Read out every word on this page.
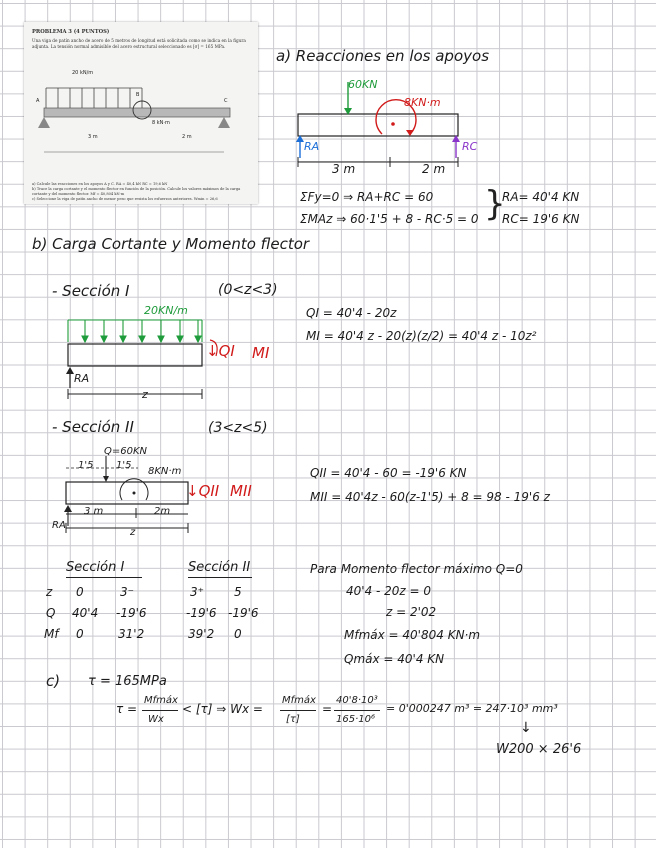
PROBLEMA 3 (4 PUNTOS)
Una viga de patín ancho de acero de 5 metros de longitud está solicitada como se indica en la figura adjunta. La tensión normal admisible del acero estructural seleccionado es [σ] = 165 MPa.
20 kN/m
A
B
C
8 kN·m
3 m	2 m
a) Calcule las reacciones en los apoyos A y C. RA = 40,4 kN RC = 19,6 kN
b) Trace la carga cortante y el momento flector en función de la posición. Calcule los valores máximos de la carga cortante y del momento flector. Mf = 40,804 kN·m
c) Seleccione la viga de patín ancho de menor peso que resista los esfuerzos anteriores. Wmin = 26,6
a) Reacciones en los apoyos
60KN
8KN·m
RA	RC
3 m	2 m
ΣFy=0 ⇒ RA+RC = 60
ΣMAz ⇒ 60·1'5 + 8 - RC·5 = 0 }
RA= 40'4 KN
RC= 19'6 KN
b) Carga Cortante y Momento flector
- Sección I	(0<z<3)
20KN/m
RA
z
↓QI MI
QI = 40'4 - 20z
MI = 40'4 z - 20(z)(z/2) = 40'4 z - 10z²
- Sección II	(3<z<5)
Q=60KN
1'5 1'5
8KN·m
3 m	2m
RA
z
↓QII MII
QII = 40'4 - 60 = -19'6 KN
MII = 40'4z - 60(z-1'5) + 8 = 98 - 19'6 z
Sección I	Sección II
z 0	3⁻	3⁺	5
Q 40'4 -19'6	-19'6 -19'6
Mf 0	31'2	39'2 0
Para Momento flector máximo Q=0
40'4 - 20z = 0
z = 2'02
Mfmáx = 40'804 KN·m
Qmáx = 40'4 KN
c) τ = 165MPa
τ =
Mfmáx
Wx
< [τ] ⇒ Wx =
Mfmáx
[τ]
=
40'8·10³
165·10⁶
= 0'000247 m³ = 247·10³ mm³
↓
W200 × 26'6
